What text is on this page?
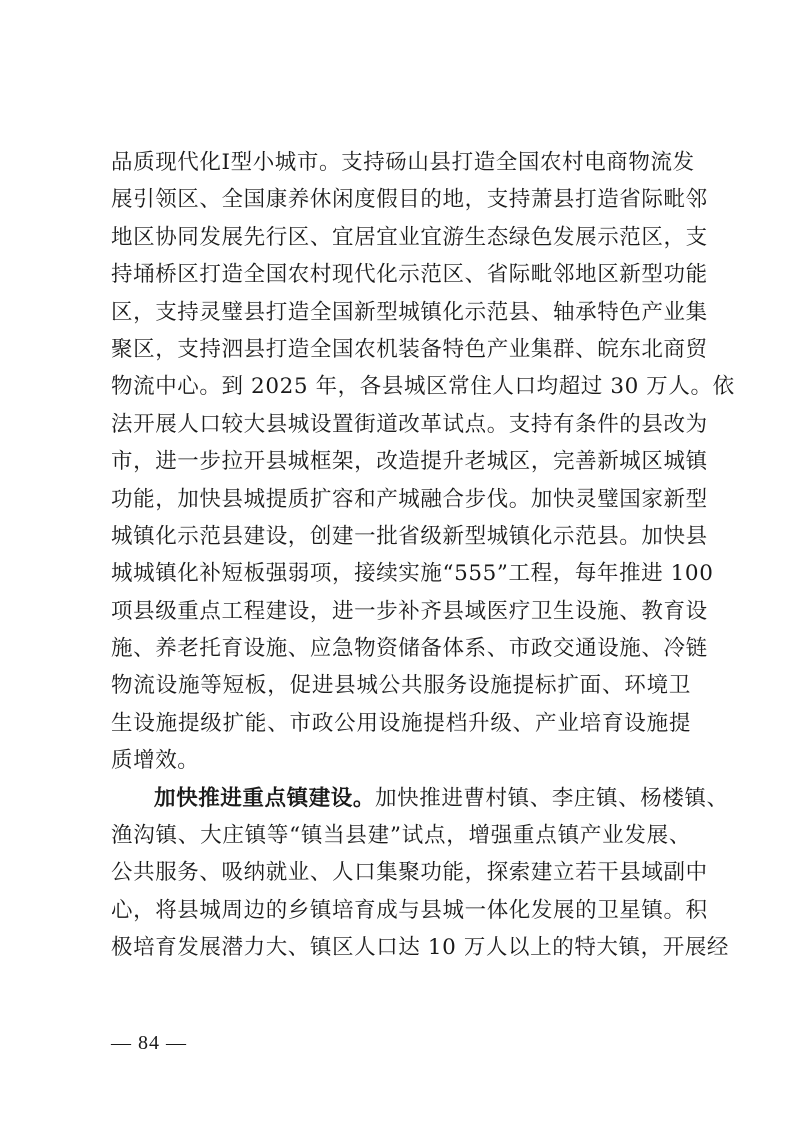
品质现代化Ⅰ型小城市。支持砀山县打造全国农村电商物流发
展引领区、全国康养休闲度假目的地，支持萧县打造省际毗邻
地区协同发展先行区、宜居宜业宜游生态绿色发展示范区，支
持埇桥区打造全国农村现代化示范区、省际毗邻地区新型功能
区，支持灵璧县打造全国新型城镇化示范县、轴承特色产业集
聚区，支持泗县打造全国农机装备特色产业集群、皖东北商贸
物流中心。到 2025 年，各县城区常住人口均超过 30 万人。依
法开展人口较大县城设置街道改革试点。支持有条件的县改为
市，进一步拉开县城框架，改造提升老城区，完善新城区城镇
功能，加快县城提质扩容和产城融合步伐。加快灵璧国家新型
城镇化示范县建设，创建一批省级新型城镇化示范县。加快县
城城镇化补短板强弱项，接续实施“555”工程，每年推进 100
项县级重点工程建设，进一步补齐县域医疗卫生设施、教育设
施、养老托育设施、应急物资储备体系、市政交通设施、冷链
物流设施等短板，促进县城公共服务设施提标扩面、环境卫
生设施提级扩能、市政公用设施提档升级、产业培育设施提
质增效。
加快推进重点镇建设。加快推进曹村镇、李庄镇、杨楼镇、
渔沟镇、大庄镇等“镇当县建”试点，增强重点镇产业发展、
公共服务、吸纳就业、人口集聚功能，探索建立若干县域副中
心，将县城周边的乡镇培育成与县城一体化发展的卫星镇。积
极培育发展潜力大、镇区人口达 10 万人以上的特大镇，开展经
— 84 —
